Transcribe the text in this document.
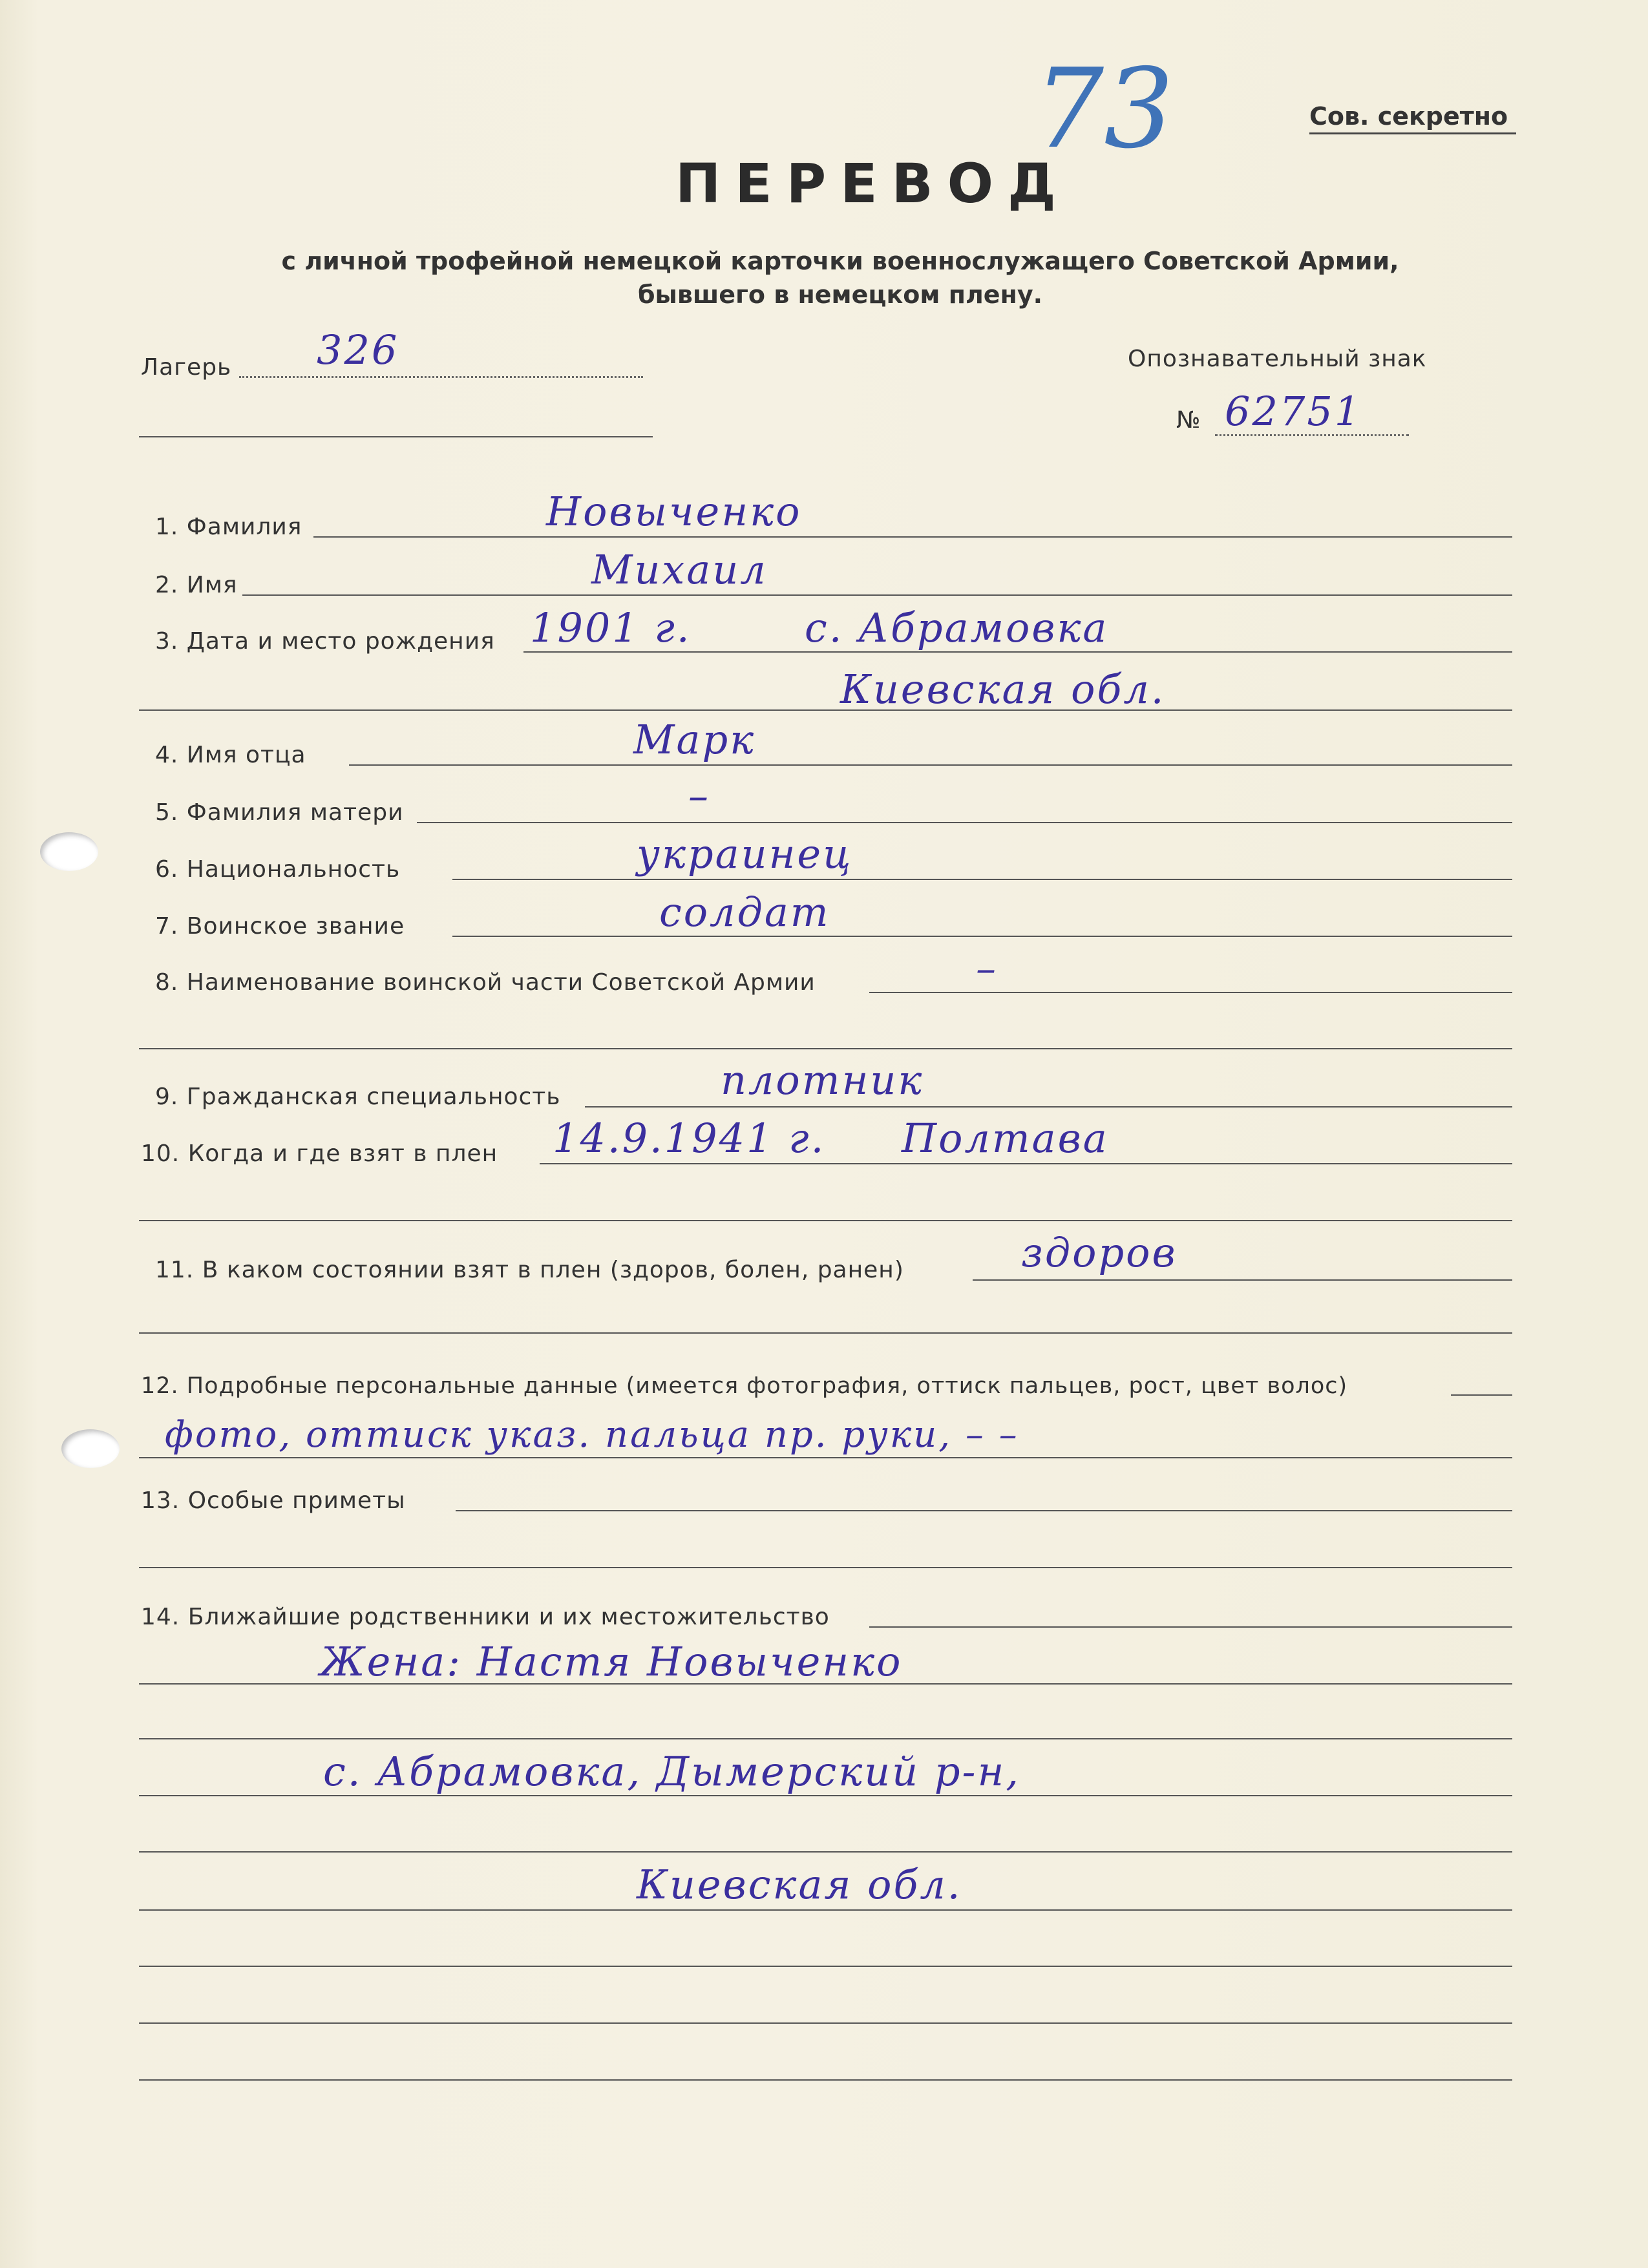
73	Сов. секретно
ПЕРЕВОД
с личной трофейной немецкой карточки военнослужащего Советской Армии,
бывшего в немецком плену.
Лагерь 326	Опознавательный знак
№ 62751
1. Фамилия	Новыченко
2. Имя	Михаил
3. Дата и место рождения 1901 г.	с. Абрамовка
Киевская обл.
4. Имя отца	Марк
5. Фамилия матери	–
6. Национальность	украинец
7. Воинское звание	солдат
8. Наименование воинской части Советской Армии	–
9. Гражданская специальность	плотник
10. Когда и где взят в плен 14.9.1941 г. Полтава
11. В каком состоянии взят в плен (здоров, болен, ранен)	здоров
12. Подробные персональные данные (имеется фотография, оттиск пальцев, рост, цвет волос)
фото, оттиск указ. пальца пр. руки, – –
13. Особые приметы
14. Ближайшие родственники и их местожительство
Жена: Настя Новыченко
с. Абрамовка, Дымерский р-н,
Киевская обл.
